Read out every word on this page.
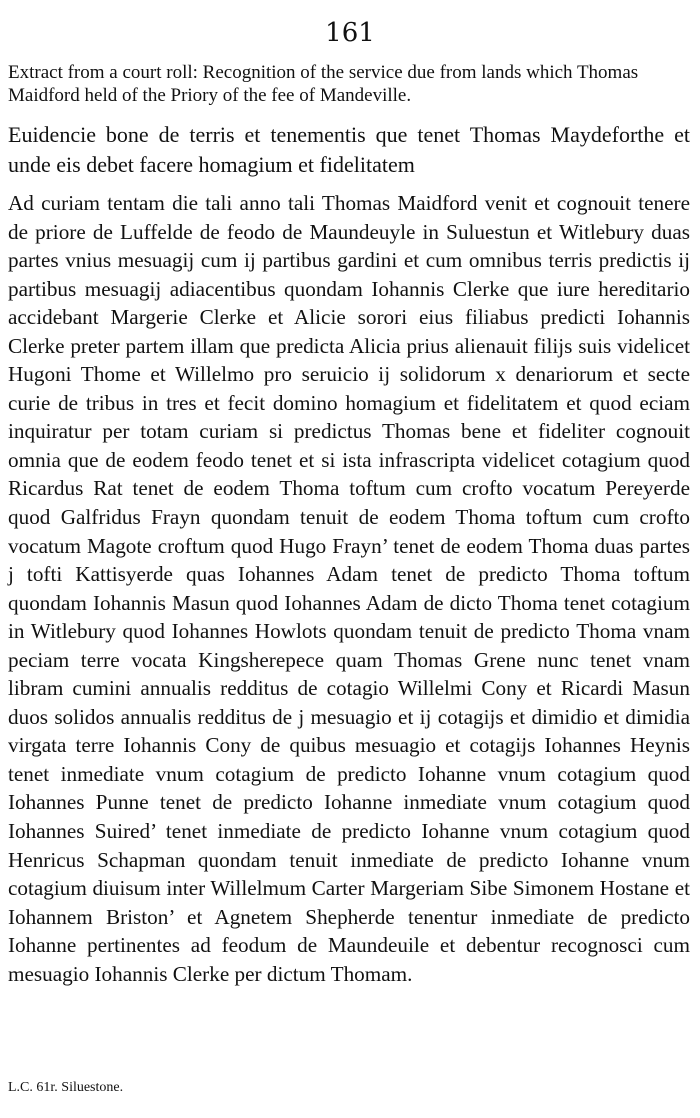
161

Extract from a court roll: Recognition of the service due from lands which Thomas Maidford held of the Priory of the fee of Mandeville.

Euidencie bone de terris et tenementis que tenet Thomas Maydeforthe et unde eis debet facere homagium et fidelitatem

Ad curiam tentam die tali anno tali Thomas Maidford venit et cognouit tenere de priore de Luffelde de feodo de Maundeuyle in Suluestun et Witlebury duas partes vnius mesuagij cum ij partibus gardini et cum omnibus terris predictis ij partibus mesuagij adiacentibus quondam Iohannis Clerke que iure hereditario accidebant Margerie Clerke et Alicie sorori eius filiabus predicti Iohannis Clerke preter partem illam que predicta Alicia prius alienauit filijs suis videlicet Hugoni Thome et Willelmo pro seruicio ij solidorum x denariorum et secte curie de tribus in tres et fecit domino homagium et fidelitatem et quod eciam inquiratur per totam curiam si predictus Thomas bene et fideliter cognouit omnia que de eodem feodo tenet et si ista infrascripta videlicet cotagium quod Ricardus Rat tenet de eodem Thoma toftum cum crofto vocatum Pereyerde quod Galfridus Frayn quondam tenuit de eodem Thoma toftum cum crofto vocatum Magote croftum quod Hugo Frayn’ tenet de eodem Thoma duas partes j tofti Kattisyerde quas Iohannes Adam tenet de predicto Thoma toftum quondam Iohannis Masun quod Iohannes Adam de dicto Thoma tenet cotagium in Witlebury quod Iohannes Howlots quondam tenuit de predicto Thoma vnam peciam terre vocata Kingsherepece quam Thomas Grene nunc tenet vnam libram cumini annualis redditus de cotagio Willelmi Cony et Ricardi Masun duos solidos annualis redditus de j mesuagio et ij cotagijs et dimidio et dimidia virgata terre Iohannis Cony de quibus mesuagio et cotagijs Iohannes Heynis tenet inmediate vnum cotagium de predicto Iohanne vnum cotagium quod Iohannes Punne tenet de predicto Iohanne inmediate vnum cotagium quod Iohannes Suired’ tenet inmediate de predicto Iohanne vnum cotagium quod Henricus Schapman quondam tenuit inmediate de predicto Iohanne vnum cotagium diuisum inter Willelmum Carter Margeriam Sibe Simonem Hostane et Iohannem Briston’ et Agnetem Shepherde tenentur inmediate de predicto Iohanne pertinentes ad feodum de Maundeuile et debentur recognosci cum mesuagio Iohannis Clerke per dictum Thomam.

L.C. 61r. Siluestone.
